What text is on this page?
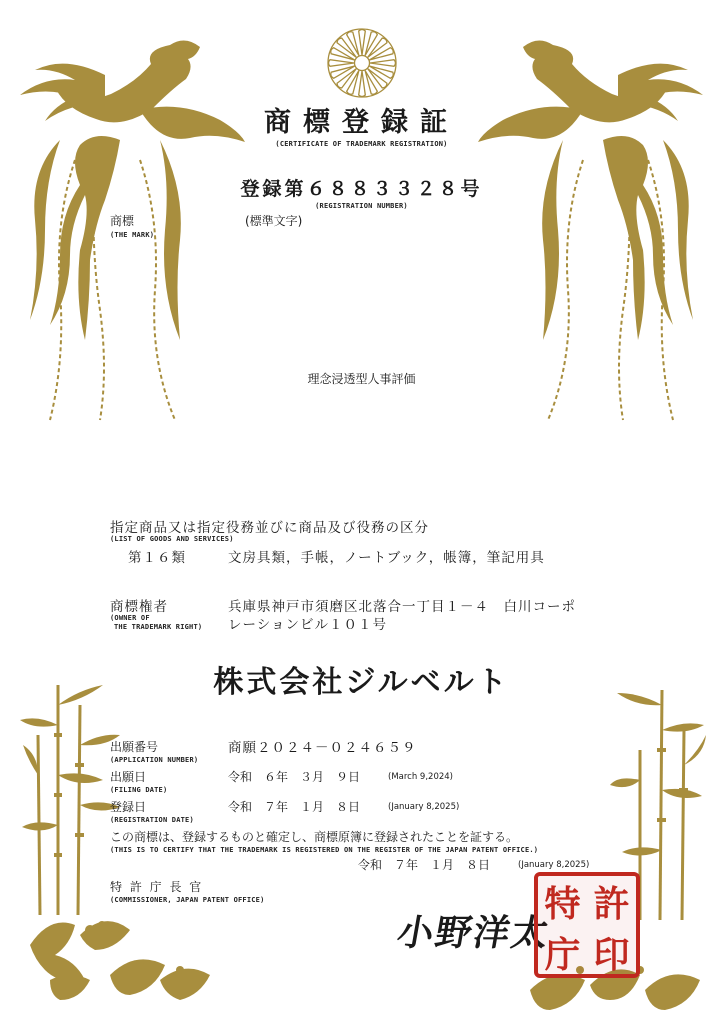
商標登録証
(CERTIFICATE OF TRADEMARK REGISTRATION)
登録第６８８３３２８号
(REGISTRATION NUMBER)
商標
(THE MARK)
(標準文字)
理念浸透型人事評価
指定商品又は指定役務並びに商品及び役務の区分
(LIST OF GOODS AND SERVICES)
第１６類	文房具類，手帳，ノートブック，帳簿，筆記用具
商標権者
(OWNER OF
THE TRADEMARK RIGHT)
兵庫県神戸市須磨区北落合一丁目１－４　白川コーポ
レーションビル１０１号
株式会社ジルベルト
出願番号
(APPLICATION NUMBER)
商願２０２４－０２４６５９
出願日
(FILING DATE)
令和　６年　３月　９日	(March 9,2024)
登録日
(REGISTRATION DATE)
令和　７年　１月　８日	(January 8,2025)
この商標は、登録するものと確定し、商標原簿に登録されたことを証する。
(THIS IS TO CERTIFY THAT THE TRADEMARK IS REGISTERED ON THE REGISTER OF THE JAPAN PATENT OFFICE.)
令和　７年　１月　８日	(January 8,2025)
特 許 庁 長 官
(COMMISSIONER, JAPAN PATENT OFFICE)
小野洋太
特 許
庁 印
